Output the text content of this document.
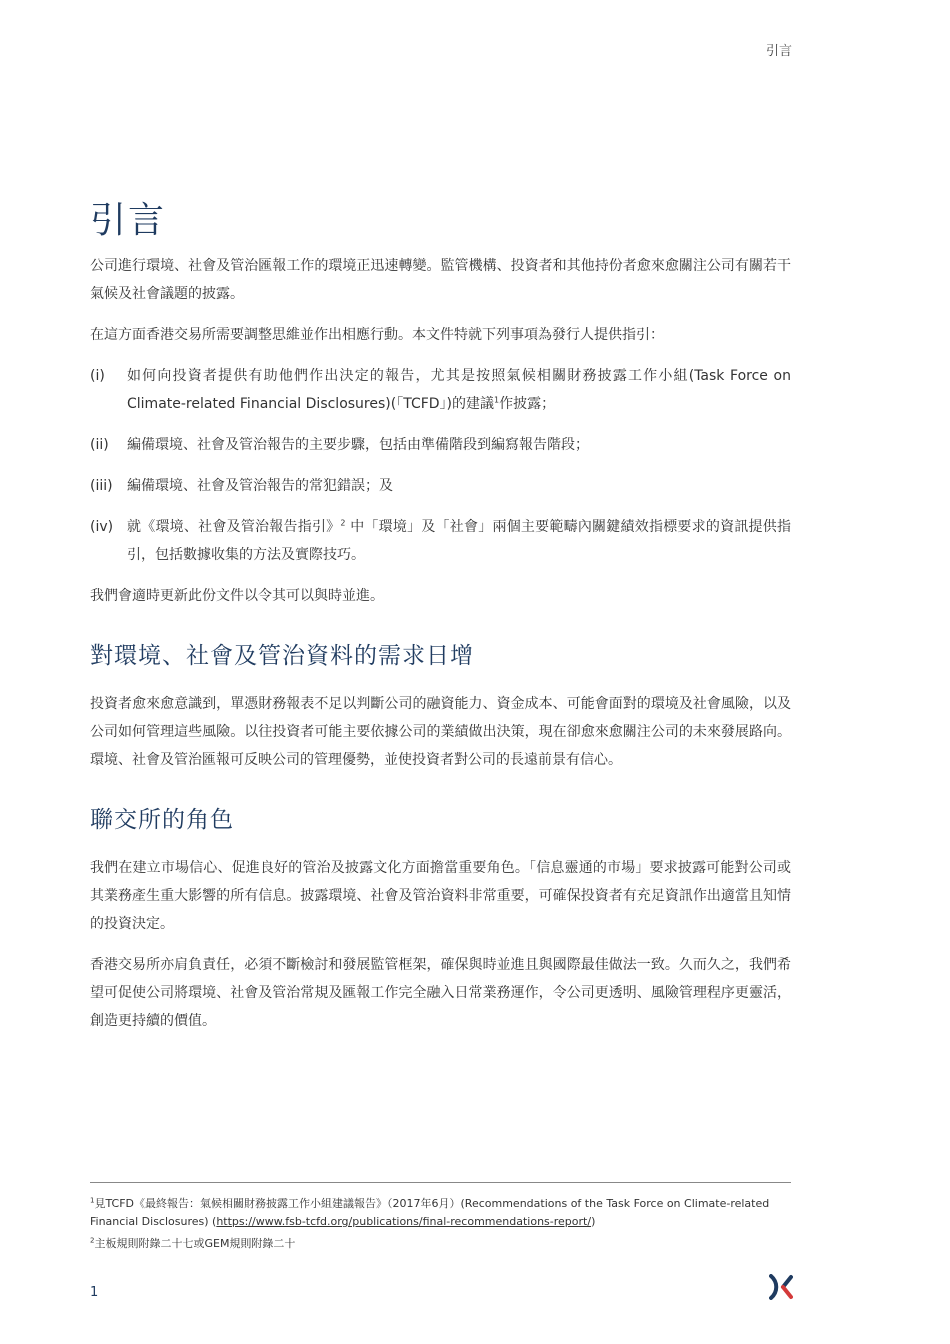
引言
引言

公司進行環境、社會及管治匯報工作的環境正迅速轉變。監管機構、投資者和其他持份者愈來愈關注公司有關若干氣候及社會議題的披露。

在這方面香港交易所需要調整思維並作出相應行動。本文件特就下列事項為發行人提供指引：

(i)	如何向投資者提供有助他們作出決定的報告，尤其是按照氣候相關財務披露工作小組(Task Force on Climate-related Financial Disclosures)(「TCFD」)的建議$^1$作披露；
(ii)	編備環境、社會及管治報告的主要步驟，包括由準備階段到編寫報告階段；
(iii)	編備環境、社會及管治報告的常犯錯誤；及
(iv) 就《環境、社會及管治報告指引》$^2$ 中「環境」及「社會」兩個主要範疇內關鍵績效指標要求的資訊提供指引，包括數據收集的方法及實際技巧。

我們會適時更新此份文件以令其可以與時並進。

對環境、社會及管治資料的需求日增

投資者愈來愈意識到，單憑財務報表不足以判斷公司的融資能力、資金成本、可能會面對的環境及社會風險，以及公司如何管理這些風險。以往投資者可能主要依據公司的業績做出決策，現在卻愈來愈關注公司的未來發展路向。環境、社會及管治匯報可反映公司的管理優勢，並使投資者對公司的長遠前景有信心。

聯交所的角色

我們在建立市場信心、促進良好的管治及披露文化方面擔當重要角色。「信息靈通的市場」要求披露可能對公司或其業務產生重大影響的所有信息。披露環境、社會及管治資料非常重要，可確保投資者有充足資訊作出適當且知情的投資決定。

香港交易所亦肩負責任，必須不斷檢討和發展監管框架，確保與時並進且與國際最佳做法一致。久而久之，我們希望可促使公司將環境、社會及管治常規及匯報工作完全融入日常業務運作，令公司更透明、風險管理程序更靈活，創造更持續的價值。

$^1$見TCFD《最終報告：氣候相關財務披露工作小組建議報告》（2017年6月）(Recommendations of the Task Force on Climate-related Financial Disclosures) (https://www.fsb-tcfd.org/publications/final-recommendations-report/)

$^2$主板規則附錄二十七或GEM規則附錄二十

1
